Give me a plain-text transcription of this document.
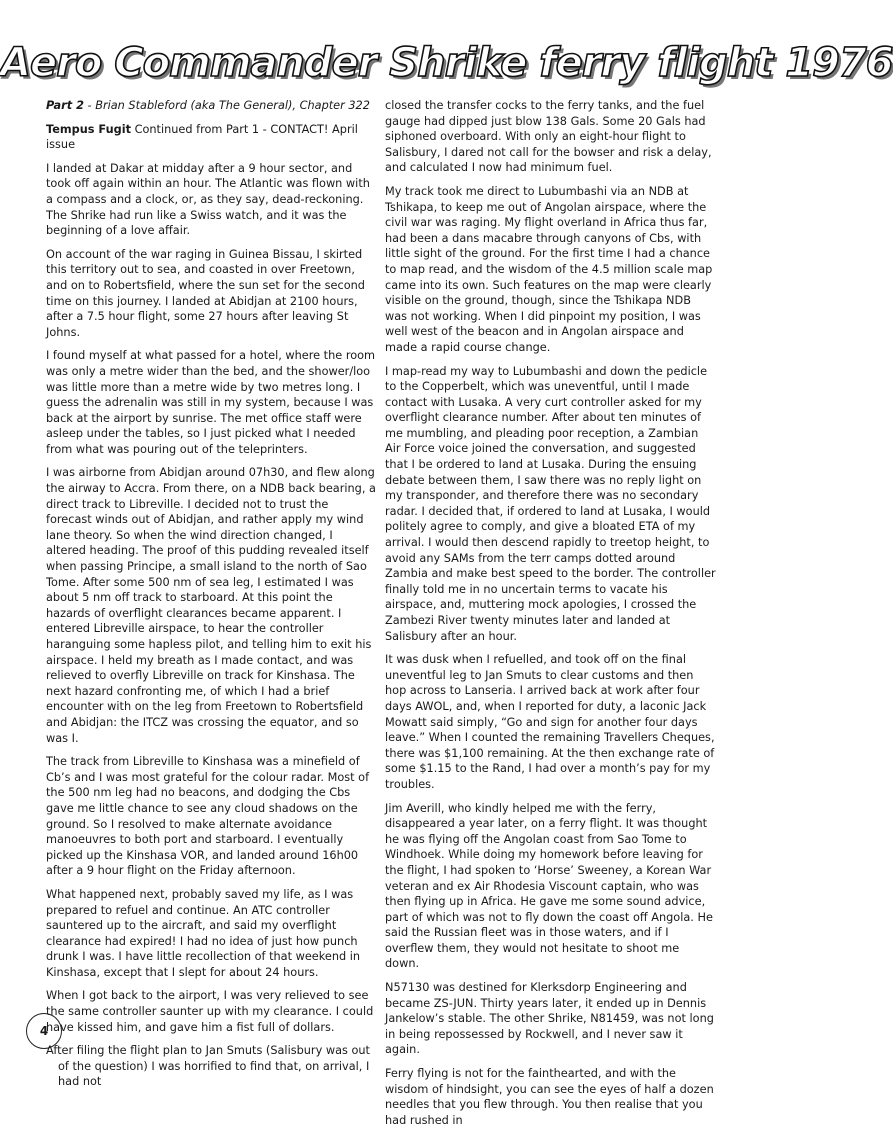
Aero Commander Shrike ferry flight 1976

Part 2 - Brian Stableford (aka The General), Chapter 322

Tempus Fugit Continued from Part 1 - CONTACT! April issue

I landed at Dakar at midday after a 9 hour sector, and took off again within an hour. The Atlantic was flown with a compass and a clock, or, as they say, dead-reckoning. The Shrike had run like a Swiss watch, and it was the beginning of a love affair.

On account of the war raging in Guinea Bissau, I skirted this territory out to sea, and coasted in over Freetown, and on to Robertsfield, where the sun set for the second time on this journey. I landed at Abidjan at 2100 hours, after a 7.5 hour flight, some 27 hours after leaving St Johns.

I found myself at what passed for a hotel, where the room was only a metre wider than the bed, and the shower/loo was little more than a metre wide by two metres long. I guess the adrenalin was still in my system, because I was back at the airport by sunrise. The met office staff were asleep under the tables, so I just picked what I needed from what was pouring out of the teleprinters.

I was airborne from Abidjan around 07h30, and flew along the airway to Accra. From there, on a NDB back bearing, a direct track to Libreville. I decided not to trust the forecast winds out of Abidjan, and rather apply my wind lane theory. So when the wind direction changed, I altered heading. The proof of this pudding revealed itself when passing Principe, a small island to the north of Sao Tome. After some 500 nm of sea leg, I estimated I was about 5 nm off track to starboard. At this point the hazards of overflight clearances became apparent. I entered Libreville airspace, to hear the controller haranguing some hapless pilot, and telling him to exit his airspace. I held my breath as I made contact, and was relieved to overfly Libreville on track for Kinshasa. The next hazard confronting me, of which I had a brief encounter with on the leg from Freetown to Robertsfield and Abidjan: the ITCZ was crossing the equator, and so was I.

The track from Libreville to Kinshasa was a minefield of Cb’s and I was most grateful for the colour radar. Most of the 500 nm leg had no beacons, and dodging the Cbs gave me little chance to see any cloud shadows on the ground. So I resolved to make alternate avoidance manoeuvres to both port and starboard. I eventually picked up the Kinshasa VOR, and landed around 16h00 after a 9 hour flight on the Friday afternoon.

What happened next, probably saved my life, as I was prepared to refuel and continue. An ATC controller sauntered up to the aircraft, and said my overflight clearance had expired! I had no idea of just how punch drunk I was. I have little recollection of that weekend in Kinshasa, except that I slept for about 24 hours.

When I got back to the airport, I was very relieved to see the same controller saunter up with my clearance. I could have kissed him, and gave him a fist full of dollars.

After filing the flight plan to Jan Smuts (Salisbury was out of the question) I was horrified to find that, on arrival, I had not

closed the transfer cocks to the ferry tanks, and the fuel gauge had dipped just blow 138 Gals. Some 20 Gals had siphoned overboard. With only an eight-hour flight to Salisbury, I dared not call for the bowser and risk a delay, and calculated I now had minimum fuel.

My track took me direct to Lubumbashi via an NDB at Tshikapa, to keep me out of Angolan airspace, where the civil war was raging. My flight overland in Africa thus far, had been a dans macabre through canyons of Cbs, with little sight of the ground. For the first time I had a chance to map read, and the wisdom of the 4.5 million scale map came into its own. Such features on the map were clearly visible on the ground, though, since the Tshikapa NDB was not working. When I did pinpoint my position, I was well west of the beacon and in Angolan airspace and made a rapid course change.

I map-read my way to Lubumbashi and down the pedicle to the Copperbelt, which was uneventful, until I made contact with Lusaka. A very curt controller asked for my overflight clearance number. After about ten minutes of me mumbling, and pleading poor reception, a Zambian Air Force voice joined the conversation, and suggested that I be ordered to land at Lusaka. During the ensuing debate between them, I saw there was no reply light on my transponder, and therefore there was no secondary radar. I decided that, if ordered to land at Lusaka, I would politely agree to comply, and give a bloated ETA of my arrival. I would then descend rapidly to treetop height, to avoid any SAMs from the terr camps dotted around Zambia and make best speed to the border. The controller finally told me in no uncertain terms to vacate his airspace, and, muttering mock apologies, I crossed the Zambezi River twenty minutes later and landed at Salisbury after an hour.

It was dusk when I refuelled, and took off on the final uneventful leg to Jan Smuts to clear customs and then hop across to Lanseria. I arrived back at work after four days AWOL, and, when I reported for duty, a laconic Jack Mowatt said simply, “Go and sign for another four days leave.” When I counted the remaining Travellers Cheques, there was $1,100 remaining. At the then exchange rate of some $1.15 to the Rand, I had over a month’s pay for my troubles.

Jim Averill, who kindly helped me with the ferry, disappeared a year later, on a ferry flight. It was thought he was flying off the Angolan coast from Sao Tome to Windhoek. While doing my homework before leaving for the flight, I had spoken to ‘Horse’ Sweeney, a Korean War veteran and ex Air Rhodesia Viscount captain, who was then flying up in Africa. He gave me some sound advice, part of which was not to fly down the coast off Angola. He said the Russian fleet was in those waters, and if I overflew them, they would not hesitate to shoot me down.

N57130 was destined for Klerksdorp Engineering and became ZS-JUN. Thirty years later, it ended up in Dennis Jankelow’s stable. The other Shrike, N81459, was not long in being repossessed by Rockwell, and I never saw it again.

Ferry flying is not for the fainthearted, and with the wisdom of hindsight, you can see the eyes of half a dozen needles that you flew through. You then realise that you had rushed in

4
